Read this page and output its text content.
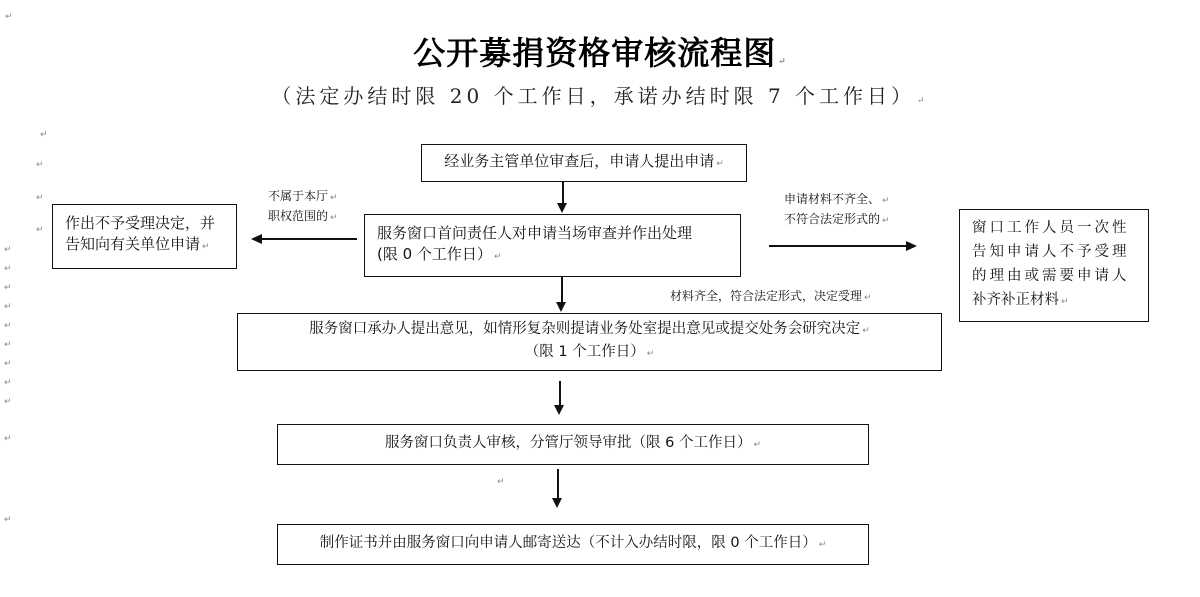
公开募捐资格审核流程图 ↵
（法定办结时限 20 个工作日，承诺办结时限 7 个工作日） ↵
↵
↵
↵
↵
↵
↵
↵
↵
↵
↵
↵
↵
↵
↵
↵
↵
↵
经业务主管单位审查后，申请人提出申请 ↵
服务窗口首问责任人对申请当场审查并作出处理
(限 0 个工作日） ↵
不属于本厅 ↵
职权范围的 ↵
作出不予受理决定，并
告知向有关单位申请 ↵
申请材料不齐全、 ↵
不符合法定形式的 ↵	窗口工作人员一次性
告知申请人不予受理
的理由或需要申请人
补齐补正材料 ↵
材料齐全，符合法定形式，决定受理 ↵
服务窗口承办人提出意见，如情形复杂则提请业务处室提出意见或提交处务会研究决定 ↵
（限 1 个工作日） ↵
服务窗口负责人审核，分管厅领导审批（限 6 个工作日） ↵
制作证书并由服务窗口向申请人邮寄送达（不计入办结时限，限 0 个工作日） ↵
